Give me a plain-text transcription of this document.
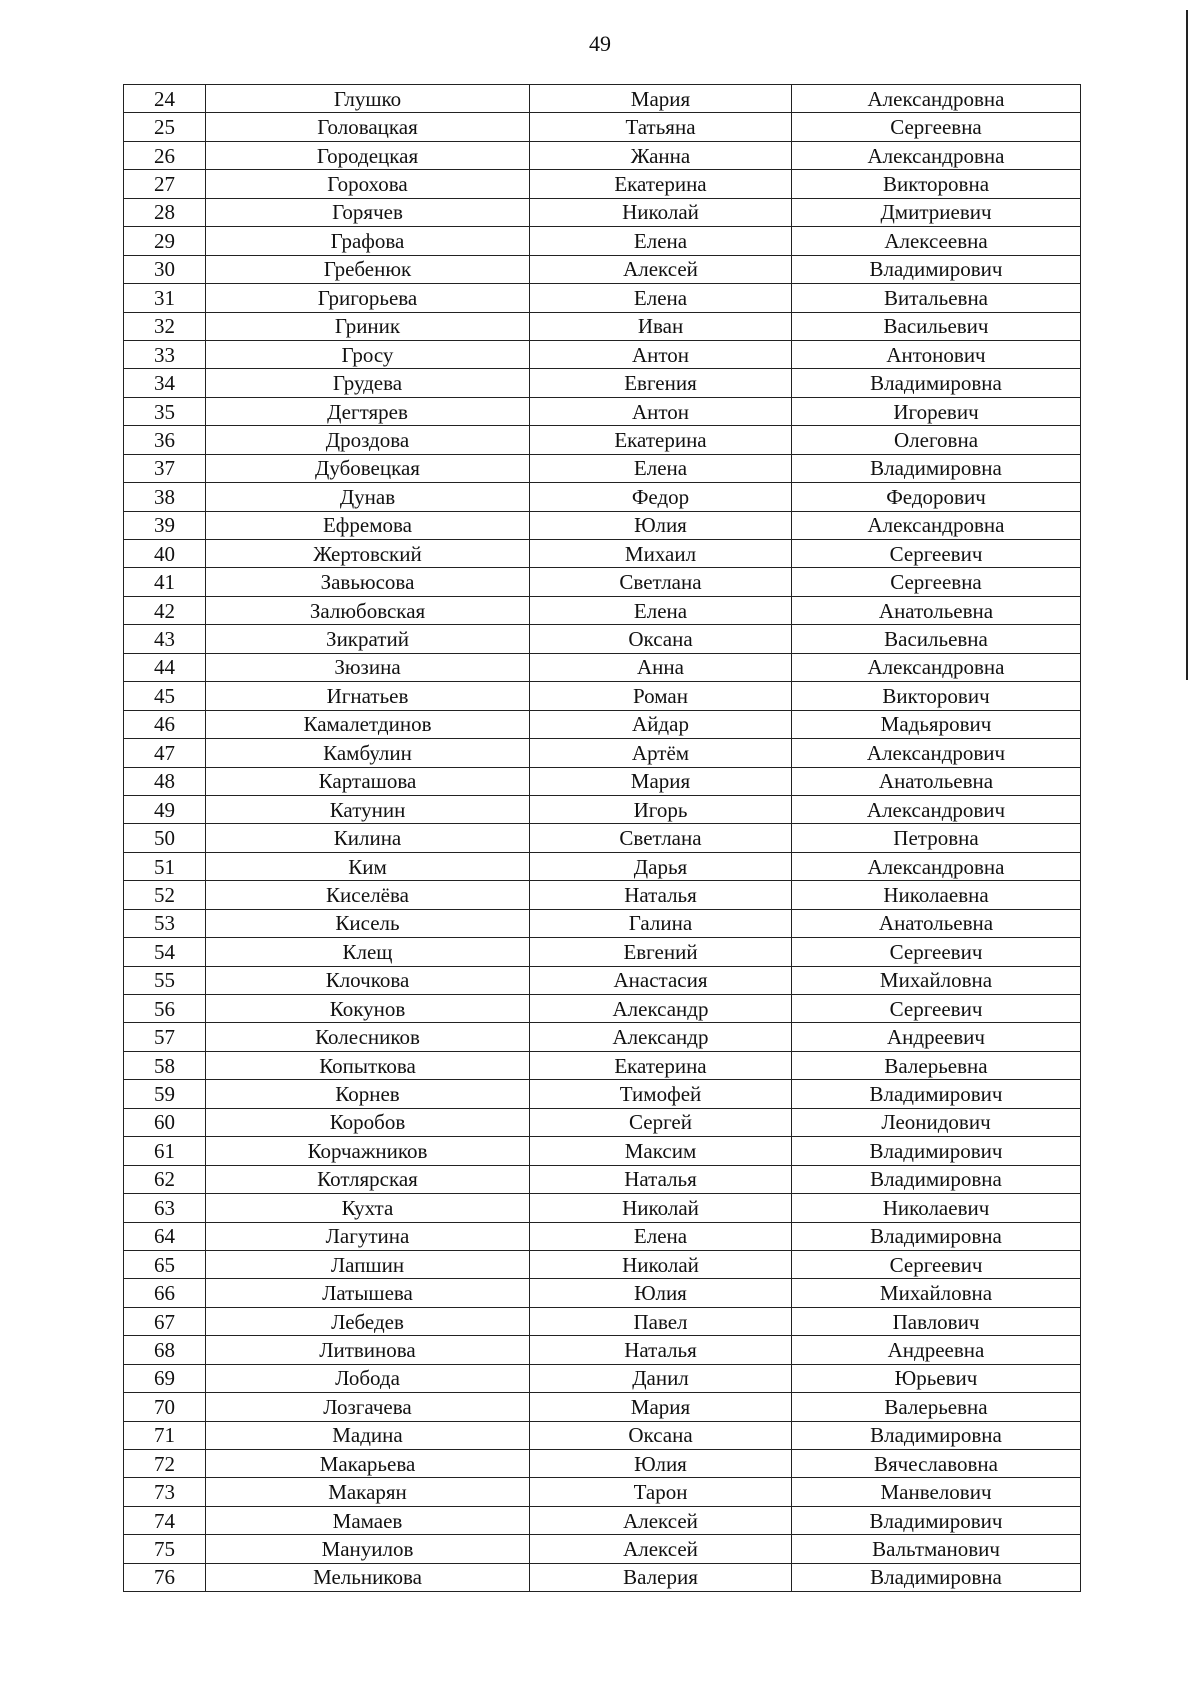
49
24	Глушко	Мария	Александровна
25	Головацкая	Татьяна	Сергеевна
26	Городецкая	Жанна	Александровна
27	Горохова	Екатерина	Викторовна
28	Горячев	Николай	Дмитриевич
29	Графова	Елена	Алексеевна
30	Гребенюк	Алексей	Владимирович
31	Григорьева	Елена	Витальевна
32	Гриник	Иван	Васильевич
33	Гросу	Антон	Антонович
34	Грудева	Евгения	Владимировна
35	Дегтярев	Антон	Игоревич
36	Дроздова	Екатерина	Олеговна
37	Дубовецкая	Елена	Владимировна
38	Дунав	Федор	Федорович
39	Ефремова	Юлия	Александровна
40	Жертовский	Михаил	Сергеевич
41	Завьюсова	Светлана	Сергеевна
42	Залюбовская	Елена	Анатольевна
43	Зикратий	Оксана	Васильевна
44	Зюзина	Анна	Александровна
45	Игнатьев	Роман	Викторович
46	Камалетдинов	Айдар	Мадьярович
47	Камбулин	Артём	Александрович
48	Карташова	Мария	Анатольевна
49	Катунин	Игорь	Александрович
50	Килина	Светлана	Петровна
51	Ким	Дарья	Александровна
52	Киселёва	Наталья	Николаевна
53	Кисель	Галина	Анатольевна
54	Клещ	Евгений	Сергеевич
55	Клочкова	Анастасия	Михайловна
56	Кокунов	Александр	Сергеевич
57	Колесников	Александр	Андреевич
58	Копыткова	Екатерина	Валерьевна
59	Корнев	Тимофей	Владимирович
60	Коробов	Сергей	Леонидович
61	Корчажников	Максим	Владимирович
62	Котлярская	Наталья	Владимировна
63	Кухта	Николай	Николаевич
64	Лагутина	Елена	Владимировна
65	Лапшин	Николай	Сергеевич
66	Латышева	Юлия	Михайловна
67	Лебедев	Павел	Павлович
68	Литвинова	Наталья	Андреевна
69	Лобода	Данил	Юрьевич
70	Лозгачева	Мария	Валерьевна
71	Мадина	Оксана	Владимировна
72	Макарьева	Юлия	Вячеславовна
73	Макарян	Тарон	Манвелович
74	Мамаев	Алексей	Владимирович
75	Мануилов	Алексей	Вальтманович
76	Мельникова	Валерия	Владимировна
